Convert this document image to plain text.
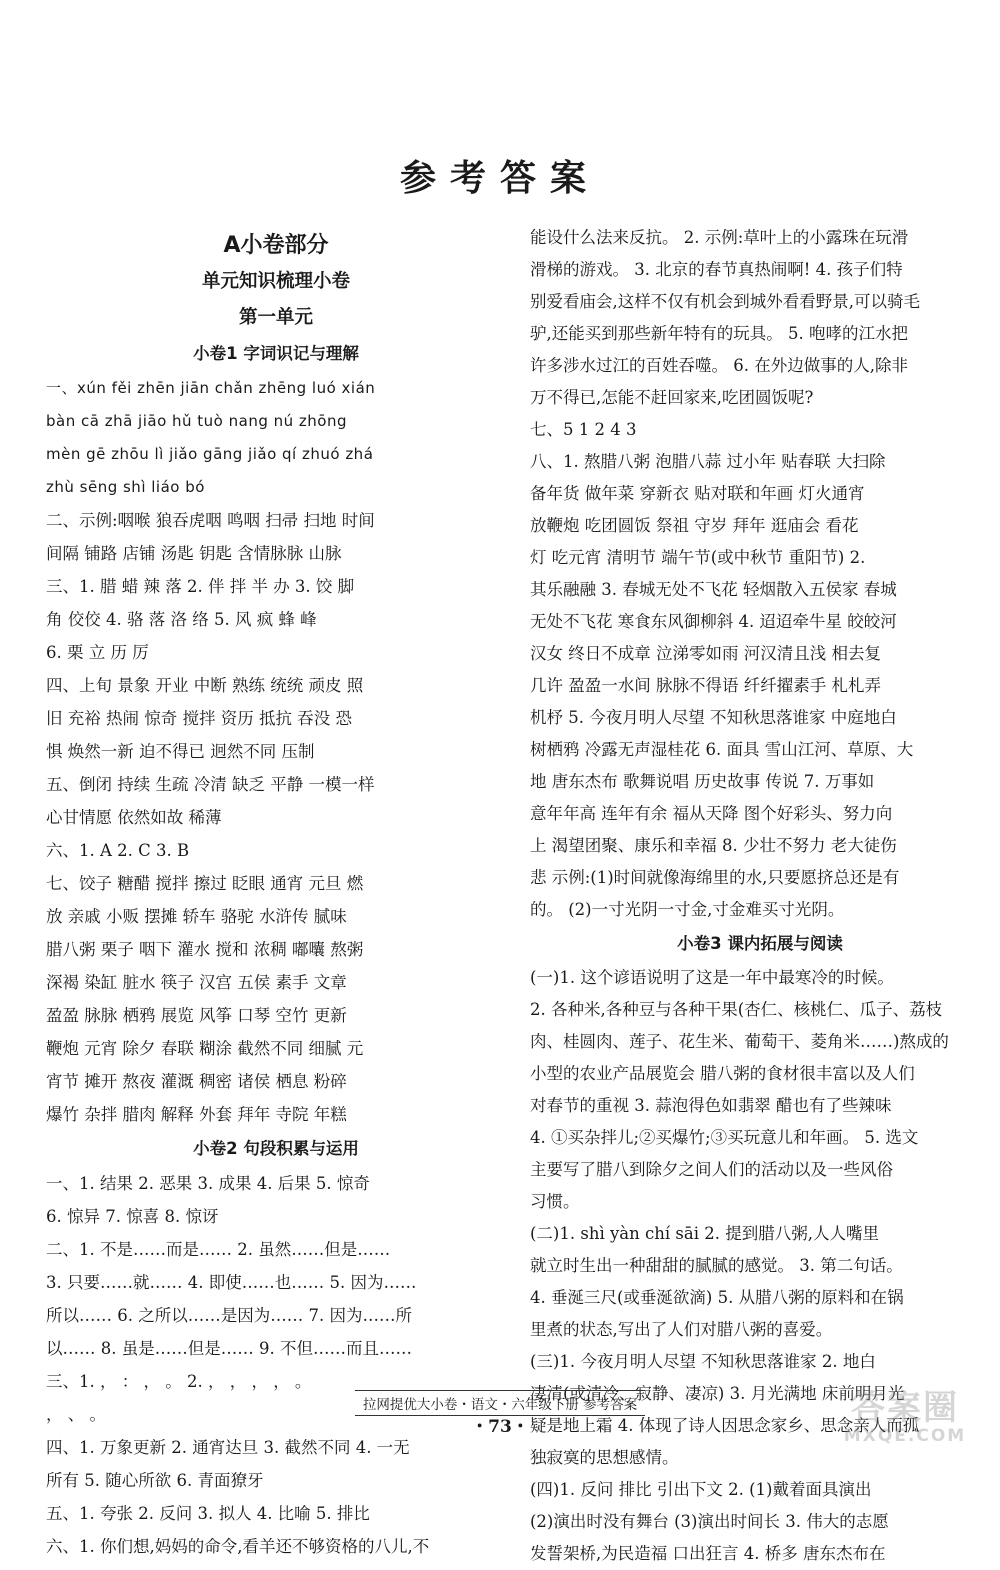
参考答案
A小卷部分
单元知识梳理小卷
第一单元
小卷1 字词识记与理解
一、xún fěi zhēn jiān chǎn zhēng luó xián
bàn cā zhā jiāo hǔ tuò nang nú zhōng
mèn gē zhōu lì jiǎo gāng jiǎo qí zhuó zhá
zhù sēng shì liáo bó
二、示例:咽喉 狼吞虎咽 鸣咽 扫帚 扫地 时间
间隔 铺路 店铺 汤匙 钥匙 含情脉脉 山脉
三、1. 腊 蜡 辣 落 2. 伴 拌 半 办 3. 饺 脚
角 佼佼 4. 骆 落 洛 络 5. 风 疯 蜂 峰
6. 栗 立 历 厉
四、上旬 景象 开业 中断 熟练 统统 顽皮 照
旧 充裕 热闹 惊奇 搅拌 资历 抵抗 吞没 恐
惧 焕然一新 迫不得已 迥然不同 压制
五、倒闭 持续 生疏 冷清 缺乏 平静 一模一样
心甘情愿 依然如故 稀薄
六、1. A 2. C 3. B
七、饺子 糖醋 搅拌 擦过 眨眼 通宵 元旦 燃
放 亲戚 小贩 摆摊 轿车 骆驼 水浒传 腻味
腊八粥 栗子 咽下 灌水 搅和 浓稠 嘟囔 熬粥
深褐 染缸 脏水 筷子 汉宫 五侯 素手 文章
盈盈 脉脉 栖鸦 展览 风筝 口琴 空竹 更新
鞭炮 元宵 除夕 春联 糊涂 截然不同 细腻 元
宵节 摊开 熬夜 灌溉 稠密 诸侯 栖息 粉碎
爆竹 杂拌 腊肉 解释 外套 拜年 寺院 年糕
小卷2 句段积累与运用
一、1. 结果 2. 恶果 3. 成果 4. 后果 5. 惊奇
6. 惊异 7. 惊喜 8. 惊讶
二、1. 不是……而是…… 2. 虽然……但是……
3. 只要……就…… 4. 即使……也…… 5. 因为……
所以…… 6. 之所以……是因为…… 7. 因为……所
以…… 8. 虽是……但是…… 9. 不但……而且……
三、1. ， ： ， 。 2. ， ， ， ， 。
， 、 。
四、1. 万象更新 2. 通宵达旦 3. 截然不同 4. 一无
所有 5. 随心所欲 6. 青面獠牙
五、1. 夸张 2. 反问 3. 拟人 4. 比喻 5. 排比
六、1. 你们想,妈妈的命令,看羊还不够资格的八儿,不
能设什么法来反抗。 2. 示例:草叶上的小露珠在玩滑
滑梯的游戏。 3. 北京的春节真热闹啊! 4. 孩子们特
别爱看庙会,这样不仅有机会到城外看看野景,可以骑毛
驴,还能买到那些新年特有的玩具。 5. 咆哮的江水把
许多涉水过江的百姓吞噬。 6. 在外边做事的人,除非
万不得已,怎能不赶回家来,吃团圆饭呢?
七、5 1 2 4 3
八、1. 熬腊八粥 泡腊八蒜 过小年 贴春联 大扫除
备年货 做年菜 穿新衣 贴对联和年画 灯火通宵
放鞭炮 吃团圆饭 祭祖 守岁 拜年 逛庙会 看花
灯 吃元宵 清明节 端午节(或中秋节 重阳节) 2.
其乐融融 3. 春城无处不飞花 轻烟散入五侯家 春城
无处不飞花 寒食东风御柳斜 4. 迢迢牵牛星 皎皎河
汉女 终日不成章 泣涕零如雨 河汉清且浅 相去复
几许 盈盈一水间 脉脉不得语 纤纤擢素手 札札弄
机杼 5. 今夜月明人尽望 不知秋思落谁家 中庭地白
树栖鸦 冷露无声湿桂花 6. 面具 雪山江河、草原、大
地 唐东杰布 歌舞说唱 历史故事 传说 7. 万事如
意年年高 连年有余 福从天降 图个好彩头、努力向
上 渴望团聚、康乐和幸福 8. 少壮不努力 老大徒伤
悲 示例:(1)时间就像海绵里的水,只要愿挤总还是有
的。 (2)一寸光阴一寸金,寸金难买寸光阴。
小卷3 课内拓展与阅读
(一)1. 这个谚语说明了这是一年中最寒冷的时候。
2. 各种米,各种豆与各种干果(杏仁、核桃仁、瓜子、荔枝
肉、桂圆肉、莲子、花生米、葡萄干、菱角米……)熬成的
小型的农业产品展览会 腊八粥的食材很丰富以及人们
对春节的重视 3. 蒜泡得色如翡翠 醋也有了些辣味
4. ①买杂拌儿;②买爆竹;③买玩意儿和年画。 5. 选文
主要写了腊八到除夕之间人们的活动以及一些风俗
习惯。
(二)1. shì yàn chí sāi 2. 提到腊八粥,人人嘴里
就立时生出一种甜甜的腻腻的感觉。 3. 第二句话。
4. 垂涎三尺(或垂涎欲滴) 5. 从腊八粥的原料和在锅
里煮的状态,写出了人们对腊八粥的喜爱。
(三)1. 今夜月明人尽望 不知秋思落谁家 2. 地白
凄清(或清冷、寂静、凄凉) 3. 月光满地 床前明月光
疑是地上霜 4. 体现了诗人因思念家乡、思念亲人而孤
独寂寞的思想感情。
(四)1. 反问 排比 引出下文 2. (1)戴着面具演出
(2)演出时没有舞台 (3)演出时间长 3. 伟大的志愿
发誓架桥,为民造福 口出狂言 4. 桥多 唐东杰布在
拉网提优大小卷・语文・六年级下册 参考答案
・73・	答案圈
MXQE.COM
